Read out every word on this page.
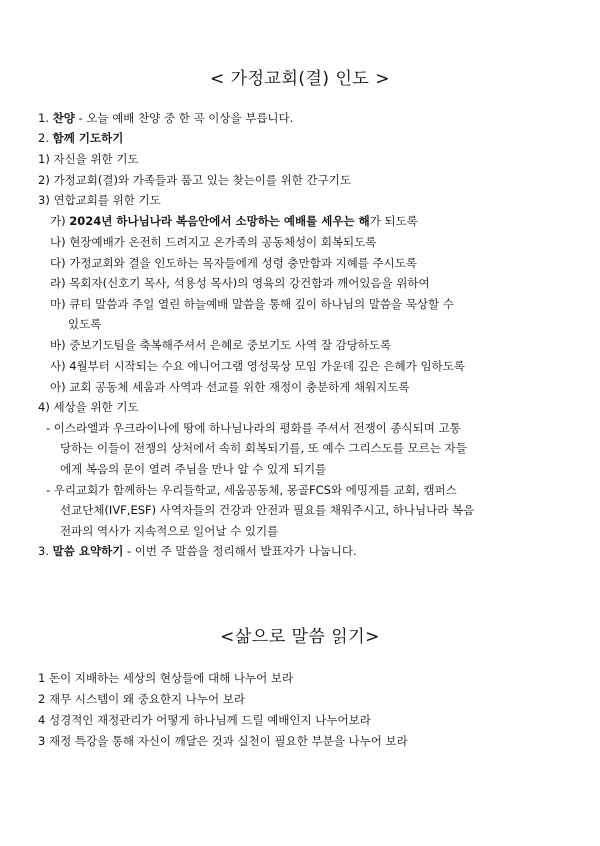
< 가정교회(결) 인도 >
1. 찬양 - 오늘 예배 찬양 중 한 곡 이상을 부릅니다.
2. 함께 기도하기
1) 자신을 위한 기도
2) 가정교회(결)와 가족들과 품고 있는 찾는이를 위한 간구기도
3) 연합교회를 위한 기도
가) 2024년 하나님나라 복음안에서 소망하는 예배를 세우는 해가 되도록
나) 현장예배가 온전히 드려지고 온가족의 공동체성이 회복되도록
다) 가정교회와 결을 인도하는 목자들에게 성령 충만함과 지혜를 주시도록
라) 목회자(신호기 목사, 석용성 목사)의 영육의 강건함과 깨어있음을 위하여
마) 큐티 말씀과 주일 열린 하늘예배 말씀을 통해 깊이 하나님의 말씀을 묵상할 수
있도록
바) 중보기도팀을 축복해주셔서 은혜로 중보기도 사역 잘 감당하도록
사) 4월부터 시작되는 수요 에니어그램 영성묵상 모임 가운데 깊은 은혜가 임하도록
아) 교회 공동체 세움과 사역과 선교를 위한 재정이 충분하게 채워지도록
4) 세상을 위한 기도
- 이스라엘과 우크라이나에 땅에 하나님나라의 평화를 주셔서 전쟁이 종식되며 고통
당하는 이들이 전쟁의 상처에서 속히 회복되기를, 또 예수 그리스도를 모르는 자들
에게 복음의 문이 열려 주님을 만나 알 수 있게 되기를
- 우리교회가 함께하는 우리들학교, 세움공동체, 몽골FCS와 에밍게를 교회, 캠퍼스
선교단체(IVF,ESF) 사역자들의 건강과 안전과 필요를 채워주시고, 하나님나라 복음
전파의 역사가 지속적으로 일어날 수 있기를
3. 말씀 요약하기 - 이번 주 말씀을 정리해서 발표자가 나눕니다.
<삶으로 말씀 읽기>
1 돈이 지배하는 세상의 현상들에 대해 나누어 보라
2 재무 시스템이 왜 중요한지 나누어 보라
4 성경적인 재정관리가 어떻게 하나님께 드릴 예배인지 나누어보라
3 재정 특강을 통해 자신이 깨달은 것과 실천이 필요한 부분을 나누어 보라
